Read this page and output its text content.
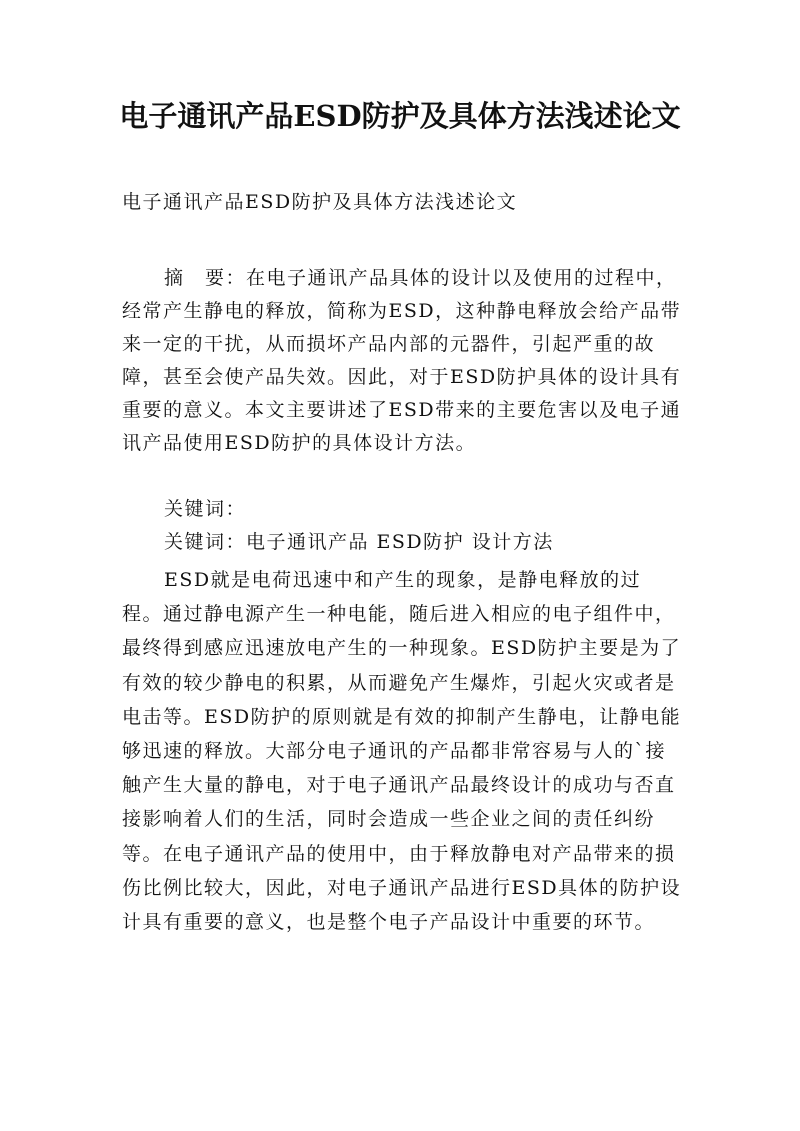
电子通讯产品ESD防护及具体方法浅述论文
电子通讯产品ESD防护及具体方法浅述论文
摘　要：在电子通讯产品具体的设计以及使用的过程中，经常产生静电的释放，简称为ESD，这种静电释放会给产品带来一定的干扰，从而损坏产品内部的元器件，引起严重的故障，甚至会使产品失效。因此，对于ESD防护具体的设计具有重要的意义。本文主要讲述了ESD带来的主要危害以及电子通讯产品使用ESD防护的具体设计方法。
关键词：
关键词：电子通讯产品 ESD防护 设计方法
ESD就是电荷迅速中和产生的现象，是静电释放的过程。通过静电源产生一种电能，随后进入相应的电子组件中，最终得到感应迅速放电产生的一种现象。ESD防护主要是为了有效的较少静电的积累，从而避免产生爆炸，引起火灾或者是电击等。ESD防护的原则就是有效的抑制产生静电，让静电能够迅速的释放。大部分电子通讯的产品都非常容易与人的`接触产生大量的静电，对于电子通讯产品最终设计的成功与否直接影响着人们的生活，同时会造成一些企业之间的责任纠纷等。在电子通讯产品的使用中，由于释放静电对产品带来的损伤比例比较大，因此，对电子通讯产品进行ESD具体的防护设计具有重要的意义，也是整个电子产品设计中重要的环节。
